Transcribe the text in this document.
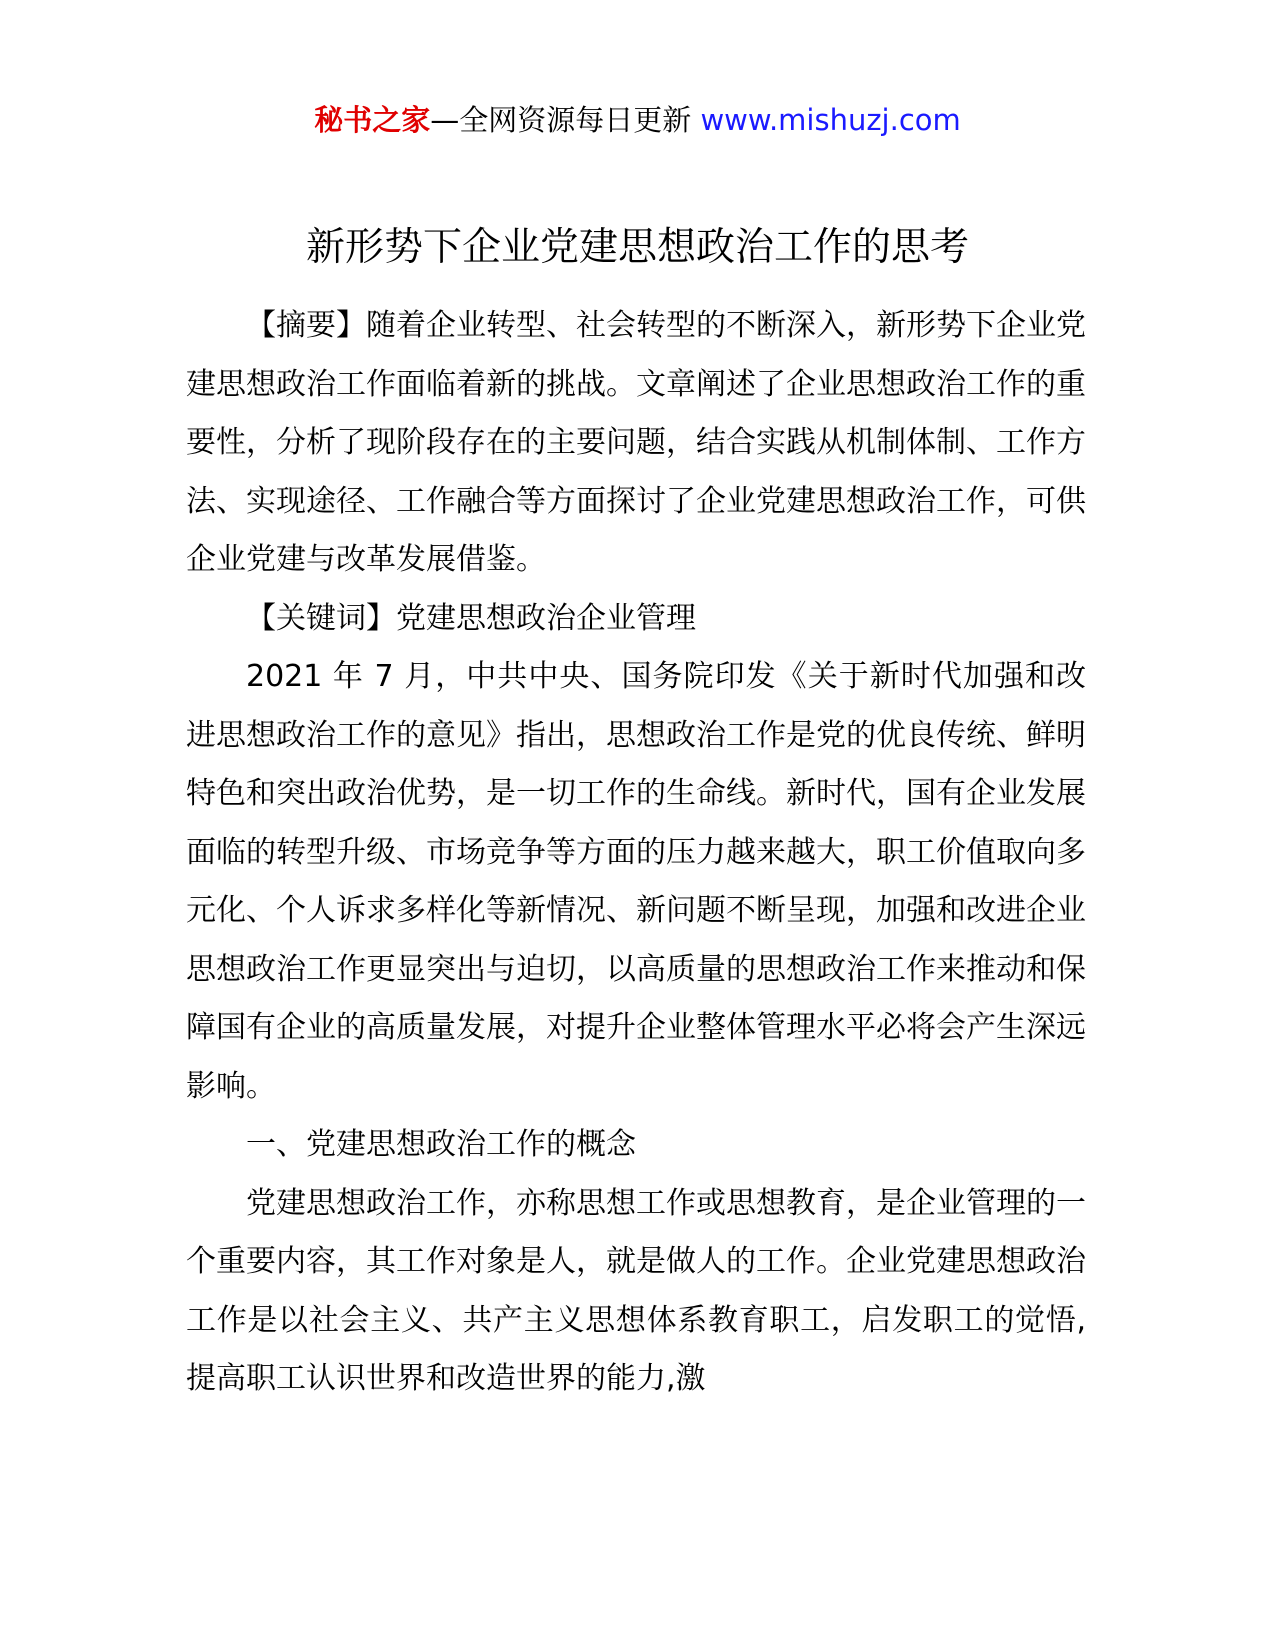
秘书之家—全网资源每日更新 www.mishuzj.com
新形势下企业党建思想政治工作的思考

【摘要】随着企业转型、社会转型的不断深入，新形势下企业党建思想政治工作面临着新的挑战。文章阐述了企业思想政治工作的重要性，分析了现阶段存在的主要问题，结合实践从机制体制、工作方法、实现途径、工作融合等方面探讨了企业党建思想政治工作，可供企业党建与改革发展借鉴。

【关键词】党建思想政治企业管理

2021 年 7 月，中共中央、国务院印发《关于新时代加强和改进思想政治工作的意见》指出，思想政治工作是党的优良传统、鲜明特色和突出政治优势，是一切工作的生命线。新时代，国有企业发展面临的转型升级、市场竞争等方面的压力越来越大，职工价值取向多元化、个人诉求多样化等新情况、新问题不断呈现，加强和改进企业思想政治工作更显突出与迫切，以高质量的思想政治工作来推动和保障国有企业的高质量发展，对提升企业整体管理水平必将会产生深远影响。

一、党建思想政治工作的概念

党建思想政治工作，亦称思想工作或思想教育，是企业管理的一个重要内容，其工作对象是人，就是做人的工作。企业党建思想政治工作是以社会主义、共产主义思想体系教育职工，启发职工的觉悟,提高职工认识世界和改造世界的能力,激
